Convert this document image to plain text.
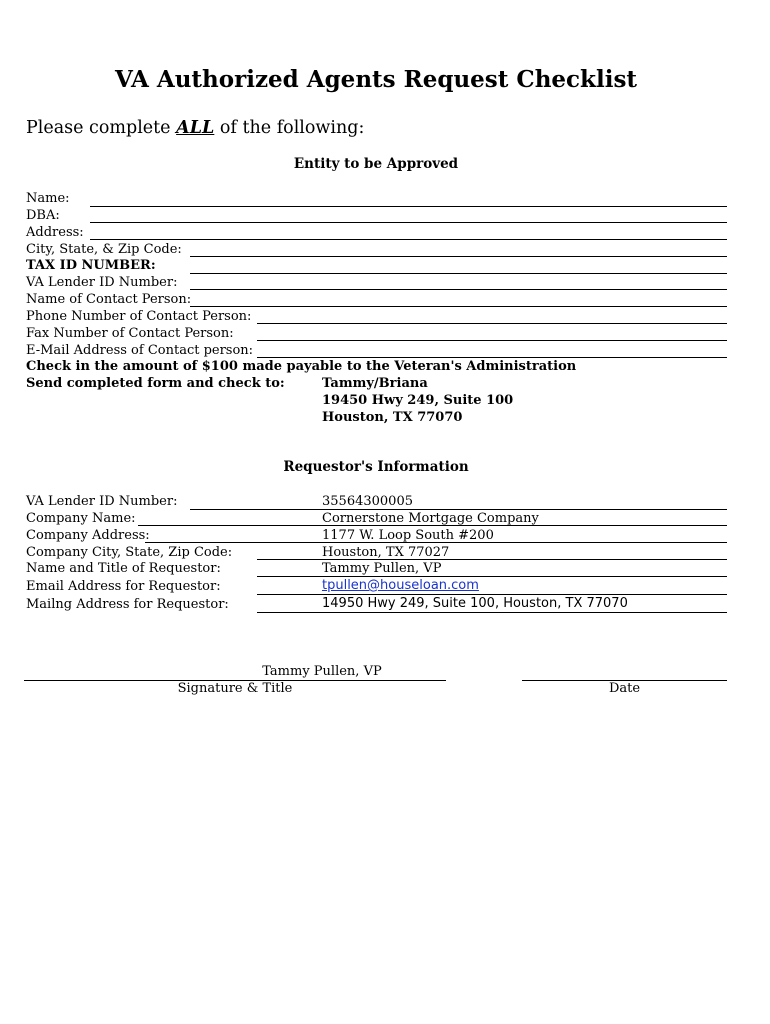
VA Authorized Agents Request Checklist
Please complete ALL of the following:
Entity to be Approved
Name:
DBA:
Address:
City, State, & Zip Code:
TAX ID NUMBER:
VA Lender ID Number:
Name of Contact Person:
Phone Number of Contact Person:
Fax Number of Contact Person:
E-Mail Address of Contact person:
Check in the amount of $100 made payable to the Veteran's Administration
Send completed form and check to:	Tammy/Briana
19450 Hwy 249, Suite 100
Houston, TX 77070
Requestor's Information
VA Lender ID Number:
Company Name:
Company Address:
Company City, State, Zip Code:
Name and Title of Requestor:
Email Address for Requestor:
Mailng Address for Requestor:
35564300005
Cornerstone Mortgage Company
1177 W. Loop South #200
Houston, TX 77027
Tammy Pullen, VP
tpullen@houseloan.com
14950 Hwy 249, Suite 100, Houston, TX 77070
Tammy Pullen, VP
Signature & Title	Date
